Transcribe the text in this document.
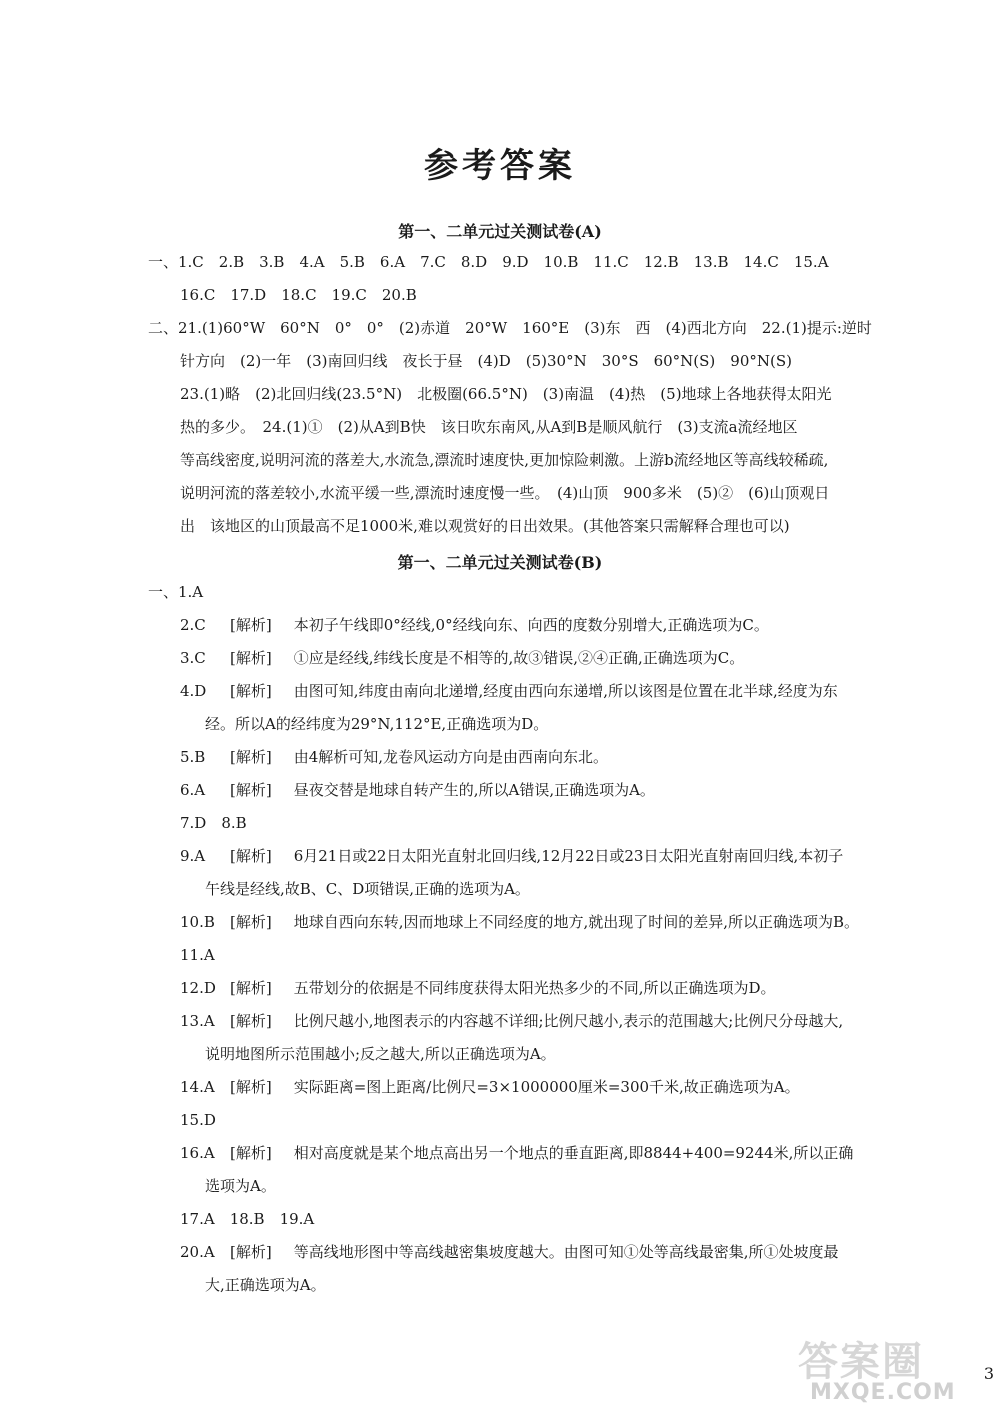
参考答案
第一、二单元过关测试卷(A)
一、1.C　2.B　3.B　4.A　5.B　6.A　7.C　8.D　9.D　10.B　11.C　12.B　13.B　14.C　15.A
16.C　17.D　18.C　19.C　20.B
二、21.(1)60°W　60°N　0°　0°　(2)赤道　20°W　160°E　(3)东　西　(4)西北方向　22.(1)提示:逆时
针方向　(2)一年　(3)南回归线　夜长于昼　(4)D　(5)30°N　30°S　60°N(S)　90°N(S)
23.(1)略　(2)北回归线(23.5°N)　北极圈(66.5°N)　(3)南温　(4)热　(5)地球上各地获得太阳光
热的多少。　24.(1)①　(2)从A到B快　该日吹东南风,从A到B是顺风航行　(3)支流a流经地区
等高线密度,说明河流的落差大,水流急,漂流时速度快,更加惊险刺激。上游b流经地区等高线较稀疏,
说明河流的落差较小,水流平缓一些,漂流时速度慢一些。　(4)山顶　900多米　(5)②　(6)山顶观日
出　该地区的山顶最高不足1000米,难以观赏好的日出效果。(其他答案只需解释合理也可以)
第一、二单元过关测试卷(B)
一、1.A
2.C [解析] 本初子午线即0°经线,0°经线向东、向西的度数分别增大,正确选项为C。
3.C [解析] ①应是经线,纬线长度是不相等的,故③错误,②④正确,正确选项为C。
4.D [解析] 由图可知,纬度由南向北递增,经度由西向东递增,所以该图是位置在北半球,经度为东
经。所以A的经纬度为29°N,112°E,正确选项为D。
5.B [解析] 由4解析可知,龙卷风运动方向是由西南向东北。
6.A [解析] 昼夜交替是地球自转产生的,所以A错误,正确选项为A。
7.D　8.B
9.A [解析] 6月21日或22日太阳光直射北回归线,12月22日或23日太阳光直射南回归线,本初子
午线是经线,故B、C、D项错误,正确的选项为A。
10.B [解析] 地球自西向东转,因而地球上不同经度的地方,就出现了时间的差异,所以正确选项为B。
11.A
12.D [解析] 五带划分的依据是不同纬度获得太阳光热多少的不同,所以正确选项为D。
13.A [解析] 比例尺越小,地图表示的内容越不详细;比例尺越小,表示的范围越大;比例尺分母越大,
说明地图所示范围越小;反之越大,所以正确选项为A。
14.A [解析] 实际距离=图上距离/比例尺=3×1000000厘米=300千米,故正确选项为A。
15.D
16.A [解析] 相对高度就是某个地点高出另一个地点的垂直距离,即8844+400=9244米,所以正确
选项为A。
17.A　18.B　19.A
20.A [解析] 等高线地形图中等高线越密集坡度越大。由图可知①处等高线最密集,所①处坡度最
大,正确选项为A。
3
答案圈
MXQE.COM
